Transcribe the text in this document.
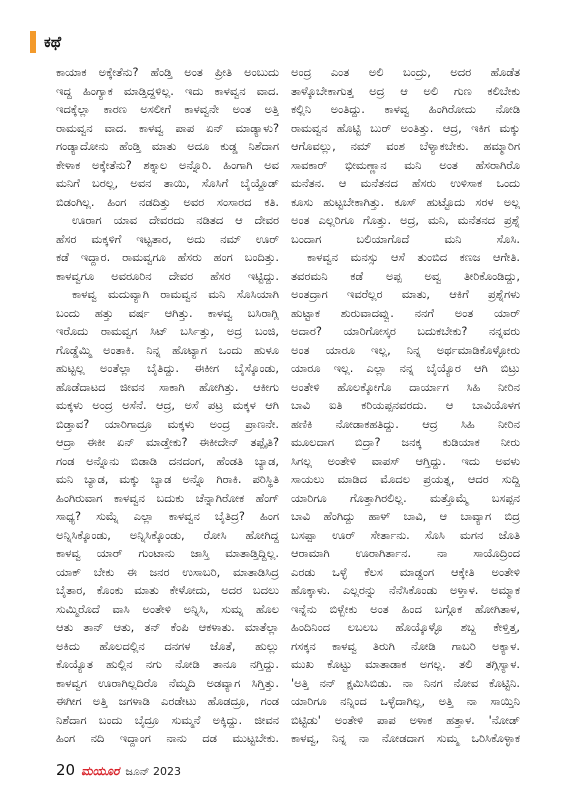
ಕಥೆ
ಕಾಯಾಕ ಅಕ್ಕೇತೆನು? ಹೆಂಡ್ತಿ ಅಂತ ಪ್ರೀತಿ ಅಂಬುದು
ಇದ್ದ ಹಿಂಗ್ಯಾಕ ಮಾಡ್ತಿದ್ದಳಿಲ್ಲ. ಇದು ಕಾಳವ್ವನ ವಾದ.
ಇದಕ್ಕೆಲ್ಲಾ ಕಾರಣ ಅಸಲೀಗೆ ಕಾಳವ್ವನೇ ಅಂತ ಅತ್ತಿ
ರಾಮವ್ವನ ವಾದ. ಕಾಳವ್ವ ಪಾಪ ಏನ್ ಮಾಡ್ಯಾಳು?
ಗಂಡ್ಯಾದೋನು ಹೆಂಡ್ತಿ ಮಾತು ಅದೂ ಕುಡ್ಡ ನಿಶೆದಾಗ
ಕೇಳಾಕ ಅಕ್ಕೇತೆನು? ಶಕ್ಕ್ಯಾಲ ಅನ್ನೊರಿ. ಹಿಂಗಾಗಿ ಅವ
ಮನಿಗೆ ಬರಲ್ಲ, ಅವನ ತಾಯಿ, ಸೊಸಿಗೆ ಬೈಯ್ದೊಡ್
ಬಿಡಂಗಿಲ್ಲ. ಹಿಂಗ ನಡದಿತ್ತು ಅವರ ಸಂಸಾರದ ಕತಿ.
ಊರಾಗ ಯಾವ ದೇವರದು ನಡಿತದ ಆ ದೇವರ
ಹೆಸರ ಮಕ್ಕಳಿಗೆ ಇಟ್ಟತಾರ, ಅದು ನಮ್ ಊರ್
ಕಡೆ ಇದ್ದಾರ. ರಾಮವ್ವಗೂ ಹೆಸರು ಹಂಗ ಬಂದಿತ್ತು.
ಕಾಳವ್ವಗೂ ಅವರೂರಿನ ದೇವರ ಹೆಸರ ಇಟ್ಟಿದ್ದು.
ಕಾಳವ್ವ ಮದುವ್ಯಾಗಿ ರಾಮವ್ವನ ಮನಿ ಸೊಸಿಯಾಗಿ
ಬಂದು ಹತ್ತು ವರ್ಷ ಆಗಿತ್ತು. ಕಾಳವ್ವ ಬಸಿರಾಗ್ಲಿ
ಇರೊದು ರಾಮವ್ವಗ ಸಿಟ್ ಬರ್ಸಿತ್ತು, ಅದ್ರ ಬಂಜಿ,
ಗೊಡ್ಡೆಮ್ಮಿ ಅಂತಾಕಿ. ನಿನ್ನ ಹೊಟ್ಯಾಗ ಒಂದು ಹುಳೂ
ಹುಟ್ಟಲ್ಲ ಅಂತೆಲ್ಲಾ ಬೈತಿದ್ದು. ಈಕೀಗ ಬೈಸ್ಕೊಂಡು,
ಹೊಡೆದಾಟದ ಜೀವನ ಸಾಕಾಗಿ ಹೋಗಿತ್ತು. ಆಕೀಗು
ಮಕ್ಕಳು ಅಂದ್ರ ಅಸೆನೆ. ಆದ್ರ, ಅಸೆ ಪಟ್ರ ಮಕ್ಕಳ ಆಗಿ
ಬಿಡ್ತಾವ? ಯಾರಿಗಾದ್ರೂ ಮಕ್ಕಳು ಅಂದ್ರ ಪ್ರಾಣನೇ.
ಆದ್ರಾ ಈಕೀ ಏನ್ ಮಾಡ್ತೇಕು? ಈಕೀದೇನ್ ತಪ್ಪೈತಿ?
ಗಂಡ ಅನ್ನೊನು ಬಿಡಾಡಿ ದನದಂಗ, ಹೆಂಡತಿ ಬ್ಯಾಡ,
ಮನಿ ಬ್ಯಾಡ, ಮಕ್ಕು ಬ್ಯಾಡ ಅನ್ನೊ ಗಿರಾಕಿ. ಪರಿಸ್ಥಿತಿ
ಹಿಂಗಿರುವಾಗ ಕಾಳವ್ವನ ಬದುಕು ಚೆನ್ನಾಗಿರೋಕ ಹೆಂಗ್
ಸಾಧ್ಯ? ಸುಮ್ನೆ ಎಲ್ಲಾ ಕಾಳವ್ವನ ಬೈತಿದ್ರ? ಹಿಂಗ
ಅನ್ನಿಸಿಕ್ಕೊಂಡು, ಅನ್ನಿಸಿಕ್ಕೊಂಡು, ರೋಸಿ ಹೋಗಿದ್ದ
ಕಾಳವ್ವ ಯಾರ್ ಗುಂಟಾನು ಜಾಸ್ತಿ ಮಾತಾಡ್ತಿದ್ದಿಲ್ಲ.
ಯಾಕ್ ಬೇಕು ಈ ಜನರ ಉಸಾಬರಿ, ಮಾತಾಡಿಸಿದ್ರ
ಬೈತಾರ, ಕೊಂಕು ಮಾತು ಕೇಳೋದು, ಅದರ ಬದಲು
ಸುಮ್ಮಿರೊದೆ ವಾಸಿ ಅಂತೇಳಿ ಅನ್ನಿಸಿ, ಸುಮ್ನ ಹೊಲ
ಆತು ತಾನ್ ಆತು, ತನ್ ಕೆಂಪಿ ಆಕಳಾತು. ಮಾತೆಲ್ಲಾ
ಅಕಿದು ಹೊಲದಲ್ಲಿನ ದನಗಳ ಜೊತೆ, ಹುಲ್ಲು
ಕೊಯ್ಯೊತ ಹುಲ್ಲಿನ ನಗು ನೋಡಿ ತಾನೂ ನಗ್ತಿದ್ದು.
ಕಾಳವ್ವಗ ಊರಾಗಿಲ್ಲದಿರೊ ನೆಮ್ಮದಿ ಅಡವ್ಯಾಗ ಸಿಗ್ತಿತ್ತು.
ಈಗೀಗ ಅತ್ತಿ ಜಗಳಾಡಿ ಎರಡೇಟು ಹೊಡದ್ರೂ, ಗಂಡ
ನಿಶೆದಾಗ ಬಂದು ಬೈದ್ರೂ ಸುಮ್ಮನೆ ಅಕ್ಕಿದ್ದು. ಜೀವನ
ಹಿಂಗ ನದಿ ಇದ್ದಾಂಗ ನಾನು ದಡ ಮುಟ್ಟಬೇಕು.
ಅಂದ್ರ ಎಂತ ಅಲಿ ಬಂದ್ರು, ಅದರ ಹೊಡೆತ
ತಾಳ್ಕೊಬೇಕಾಗುತ್ತ ಅದ್ರ ಆ ಅಲಿ ಗುಣ ಕಲಿಬೇಕು
ಕಲ್ಲಿನಿ ಅಂತಿದ್ದು. ಕಾಳವ್ವ ಹಿಂಗಿರೋದು ನೋಡಿ
ರಾಮವ್ವನ ಹೊಟ್ಟಿ ಬುರ್ ಅಂತಿತ್ತು. ಆದ್ರ, ಇಕಿಗ ಮಕ್ಕು
ಆಗೊವಲ್ಲು, ನಮ್ ವಂಶ ಬೆಳ್ಯಾಕಬೇಕು. ಹಮ್ಮಾರಿಗ
ಸಾವಕಾರ್ ಭೀಮಣ್ಣಾನ ಮನಿ ಅಂತ ಹೆಸರಾಗಿರೊ
ಮನೆತನ. ಆ ಮನೆತನದ ಹೆಸರು ಉಳಿಸಾಕ ಒಂದು
ಕೂಸು ಹುಟ್ಟಬೇಕಾಗಿತ್ತು. ಕೂಸ್ ಹುಟ್ಟೊದು ಸರಳ ಅಲ್ಲ
ಅಂತ ಎಲ್ಲರಿಗೂ ಗೊತ್ತು. ಅದ್ರ, ಮನಿ, ಮನೆತನದ ಪ್ರಶ್ನೆ
ಬಂದಾಗ ಬಲಿಯಾಗೊದೆ ಮನಿ ಸೊಸಿ.
ಕಾಳವ್ವನ ಮನಸ್ಸು ಆಸೆ ತುಂಬಿದ ಕಣಜ ಆಗೇತಿ.
ತವರಮನಿ ಕಡೆ ಅಪ್ಪ ಅವ್ವ ತೀರಿಕೊಂಡಿದ್ದು,
ಅಂತದ್ರಾಗ ಇವರೆಲ್ಲರ ಮಾತು, ಆಕಿಗೆ ಪ್ರಶ್ನೆಗಳು
ಹುಟ್ಟಾಕ ಶುರುವಾದವ್ವು. ನನಗೆ ಅಂತ ಯಾರ್
ಅದಾರ? ಯಾರಿಗೋಸ್ಕರ ಬದುಕಬೇಕು? ನನ್ನವರು
ಅಂತ ಯಾರೂ ಇಲ್ಲ, ನಿನ್ನ ಅರ್ಥಮಾಡಿಕೊಳ್ಳೋರು
ಯಾರೂ ಇಲ್ಲ. ಎಲ್ಲಾ ನನ್ನ ಬೈಯ್ಯೊರ ಆಗಿ ಬಿಟ್ರು
ಅಂತೇಳಿ ಹೊಲಕ್ಕೋಗೊ ದಾರ್ಯಾಗ ಸಿಹಿ ನೀರಿನ
ಬಾವಿ ಐತಿ ಕರಿಯಪ್ಪನವರದು. ಆ ಬಾವಿಯೊಳಗ
ಹಣಿಕಿ ನೋಡಾಕಹತಿದ್ದು. ಆದ್ರ ಸಿಹಿ ನೀರಿನ
ಮೂಲದಾಗ ಬಿದ್ರಾ? ಜನಕ್ಕ ಕುಡಿಯಾಕ ನೀರು
ಸಿಗಲ್ಲ ಅಂತೇಳಿ ವಾಪಸ್ ಆಗ್ತಿದ್ದು. ಇದು ಅವಳು
ಸಾಯಲು ಮಾಡಿದ ಮೊದಲ ಪ್ರಯತ್ನ, ಆದರ ಸುದ್ದಿ
ಯಾರಿಗೂ ಗೊತ್ತಾಗಿರಲಿಲ್ಲ. ಮತ್ತೊಮ್ಮೆ ಬಸಪ್ಪನ
ಬಾವಿ ಹೆಂಗಿದ್ದು ಹಾಳ್ ಬಾವಿ, ಆ ಬಾವ್ಯಾಗ ಬಿದ್ರ
ಬಸಪ್ಪಾ ಊರ್ ಸೇರ್ತಾನು. ಸೊಸಿ ಮಗನ ಜೊತಿ
ಆರಾಮಾಗಿ ಊರಾಗಿರ್ತಾನ. ನಾ ಸಾಯೊದ್ರಿಂದ
ಎರಡು ಒಳ್ಳೆ ಕೆಲಸ ಮಾಡ್ದಂಗ ಆಕ್ಕೇತಿ ಅಂತೇಳಿ
ಹೊಕ್ಕಾಳು. ಎಲ್ಲರನ್ನು ನೆನೆಸಿಕೊಂಡು ಅಳ್ತಾಳ. ಅಮ್ಮಾಕ
ಇನ್ನೆನು ಬಿಳ್ಬೇಕು ಅಂತ ಹಿಂದ ಬಗ್ಗೊಕ ಹೋಗಿತಾಳ,
ಹಿಂದಿನಿಂದ ಲಬಲಬ ಹೊಯ್ಕೊಳ್ಳೊ ಶಬ್ದ ಕೇಳ್ತಿತ್ತ,
ಗಸಕ್ಕನ ಕಾಳವ್ವ ತಿರುಗಿ ನೋಡಿ ಗಾಬರಿ ಅಕ್ಯಾಳ.
ಮುಖ ಕೊಟ್ಟು ಮಾತಾಡಾಕ ಅಗಲ್ಲ. ತಲಿ ತಗ್ಗಿಸ್ಯಾಳ.
'ಅತ್ತಿ ನನ್ ಕ್ಷಮಿಸಿಬಿಡು. ನಾ ನಿನಗ ನೋವ ಕೊಟ್ಟಿನಿ.
ಯಾರಿಗೂ ನನ್ನಿಂದ ಒಳ್ಳೆದಾಗಿಲ್ಲ, ಅತ್ತಿ ನಾ ಸಾಯ್ತಿನಿ
ಬಿಟ್ಟಿಡು' ಅಂತೇಳಿ ಪಾಪ ಅಳಾಕ ಹತ್ತಾಳ. 'ನೋಡ್
ಕಾಳವ್ವ, ನಿನ್ನ ನಾ ನೋಡದಾಗ ಸುಮ್ಮ ಒರಿಸಿಕೊಳ್ಳಾಕ
20 ಮಯೂರ ಜೂನ್ 2023
